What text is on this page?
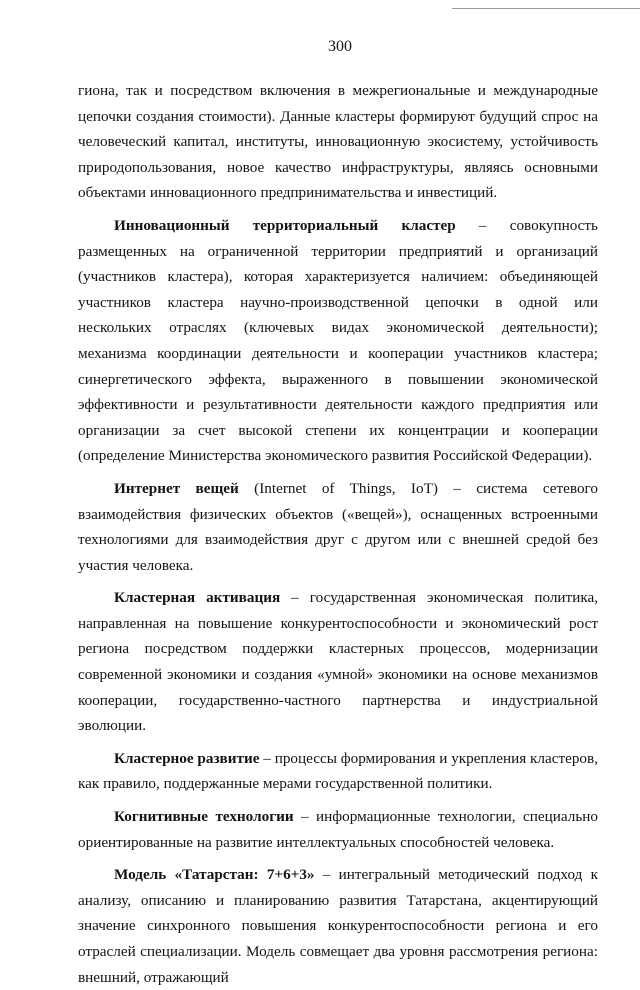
300

гиона, так и посредством включения в межрегиональные и международные цепочки создания стоимости). Данные кластеры формируют будущий спрос на человеческий капитал, институты, инновационную экосистему, устойчивость природопользования, новое качество инфраструктуры, являясь основными объектами инновационного предпринимательства и инвестиций.

Инновационный территориальный кластер – совокупность размещенных на ограниченной территории предприятий и организаций (участников кластера), которая характеризуется наличием: объединяющей участников кластера научно-производственной цепочки в одной или нескольких отраслях (ключевых видах экономической деятельности); механизма координации деятельности и кооперации участников кластера; синергетического эффекта, выраженного в повышении экономической эффективности и результативности деятельности каждого предприятия или организации за счет высокой степени их концентрации и кооперации (определение Министерства экономического развития Российской Федерации).

Интернет вещей (Internet of Things, IoT) – система сетевого взаимодействия физических объектов («вещей»), оснащенных встроенными технологиями для взаимодействия друг с другом или с внешней средой без участия человека.

Кластерная активация – государственная экономическая политика, направленная на повышение конкурентоспособности и экономический рост региона посредством поддержки кластерных процессов, модернизации современной экономики и создания «умной» экономики на основе механизмов кооперации, государственно-частного партнерства и индустриальной эволюции.

Кластерное развитие – процессы формирования и укрепления кластеров, как правило, поддержанные мерами государственной политики.

Когнитивные технологии – информационные технологии, специально ориентированные на развитие интеллектуальных способностей человека.

Модель «Татарстан: 7+6+3» – интегральный методический подход к анализу, описанию и планированию развития Татарстана, акцентирующий значение синхронного повышения конкурентоспособности региона и его отраслей специализации. Модель совмещает два уровня рассмотрения региона: внешний, отражающий
